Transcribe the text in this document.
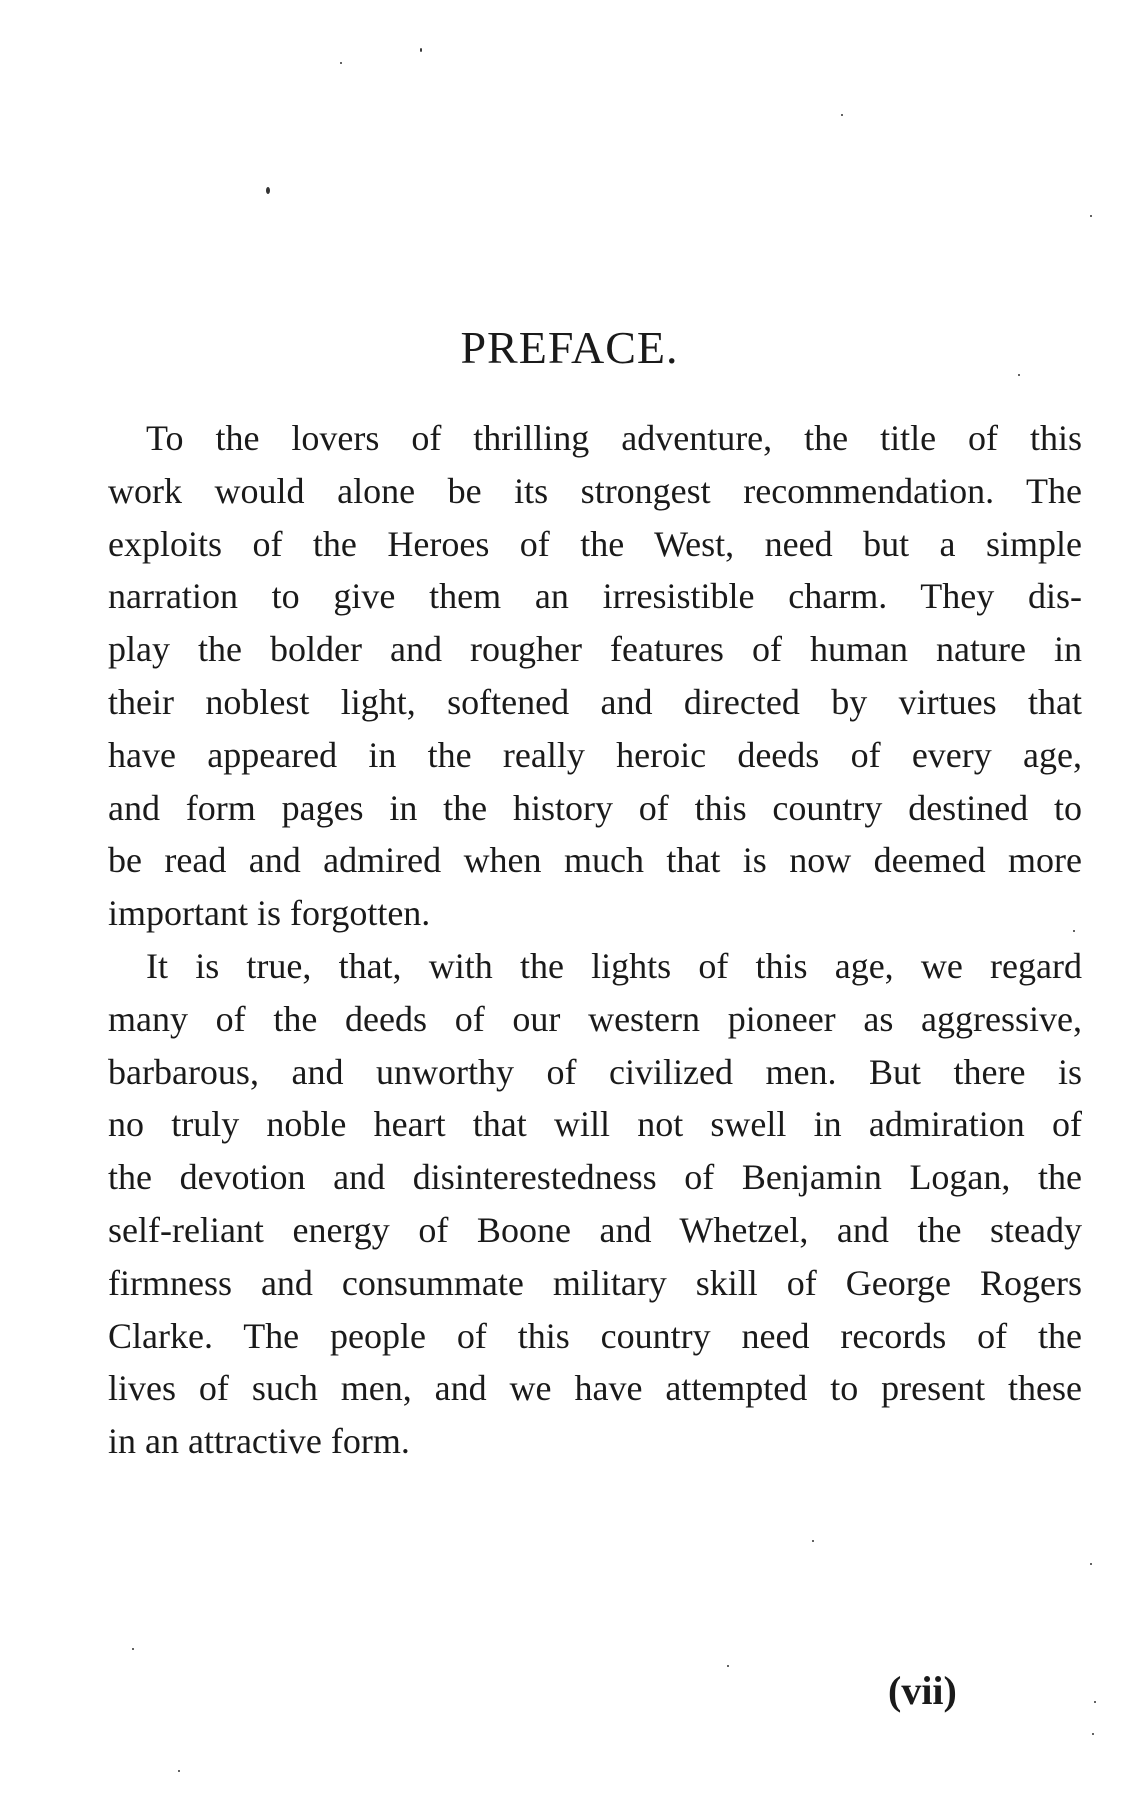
PREFACE.
To the lovers of thrilling adventure, the title of this
work would alone be its strongest recommendation. The
exploits of the Heroes of the West, need but a simple
narration to give them an irresistible charm. They dis-
play the bolder and rougher features of human nature in
their noblest light, softened and directed by virtues that
have appeared in the really heroic deeds of every age,
and form pages in the history of this country destined to
be read and admired when much that is now deemed more
important is forgotten.
It is true, that, with the lights of this age, we regard
many of the deeds of our western pioneer as aggressive,
barbarous, and unworthy of civilized men. But there is
no truly noble heart that will not swell in admiration of
the devotion and disinterestedness of Benjamin Logan, the
self-reliant energy of Boone and Whetzel, and the steady
firmness and consummate military skill of George Rogers
Clarke. The people of this country need records of the
lives of such men, and we have attempted to present these
in an attractive form.
(vii)
